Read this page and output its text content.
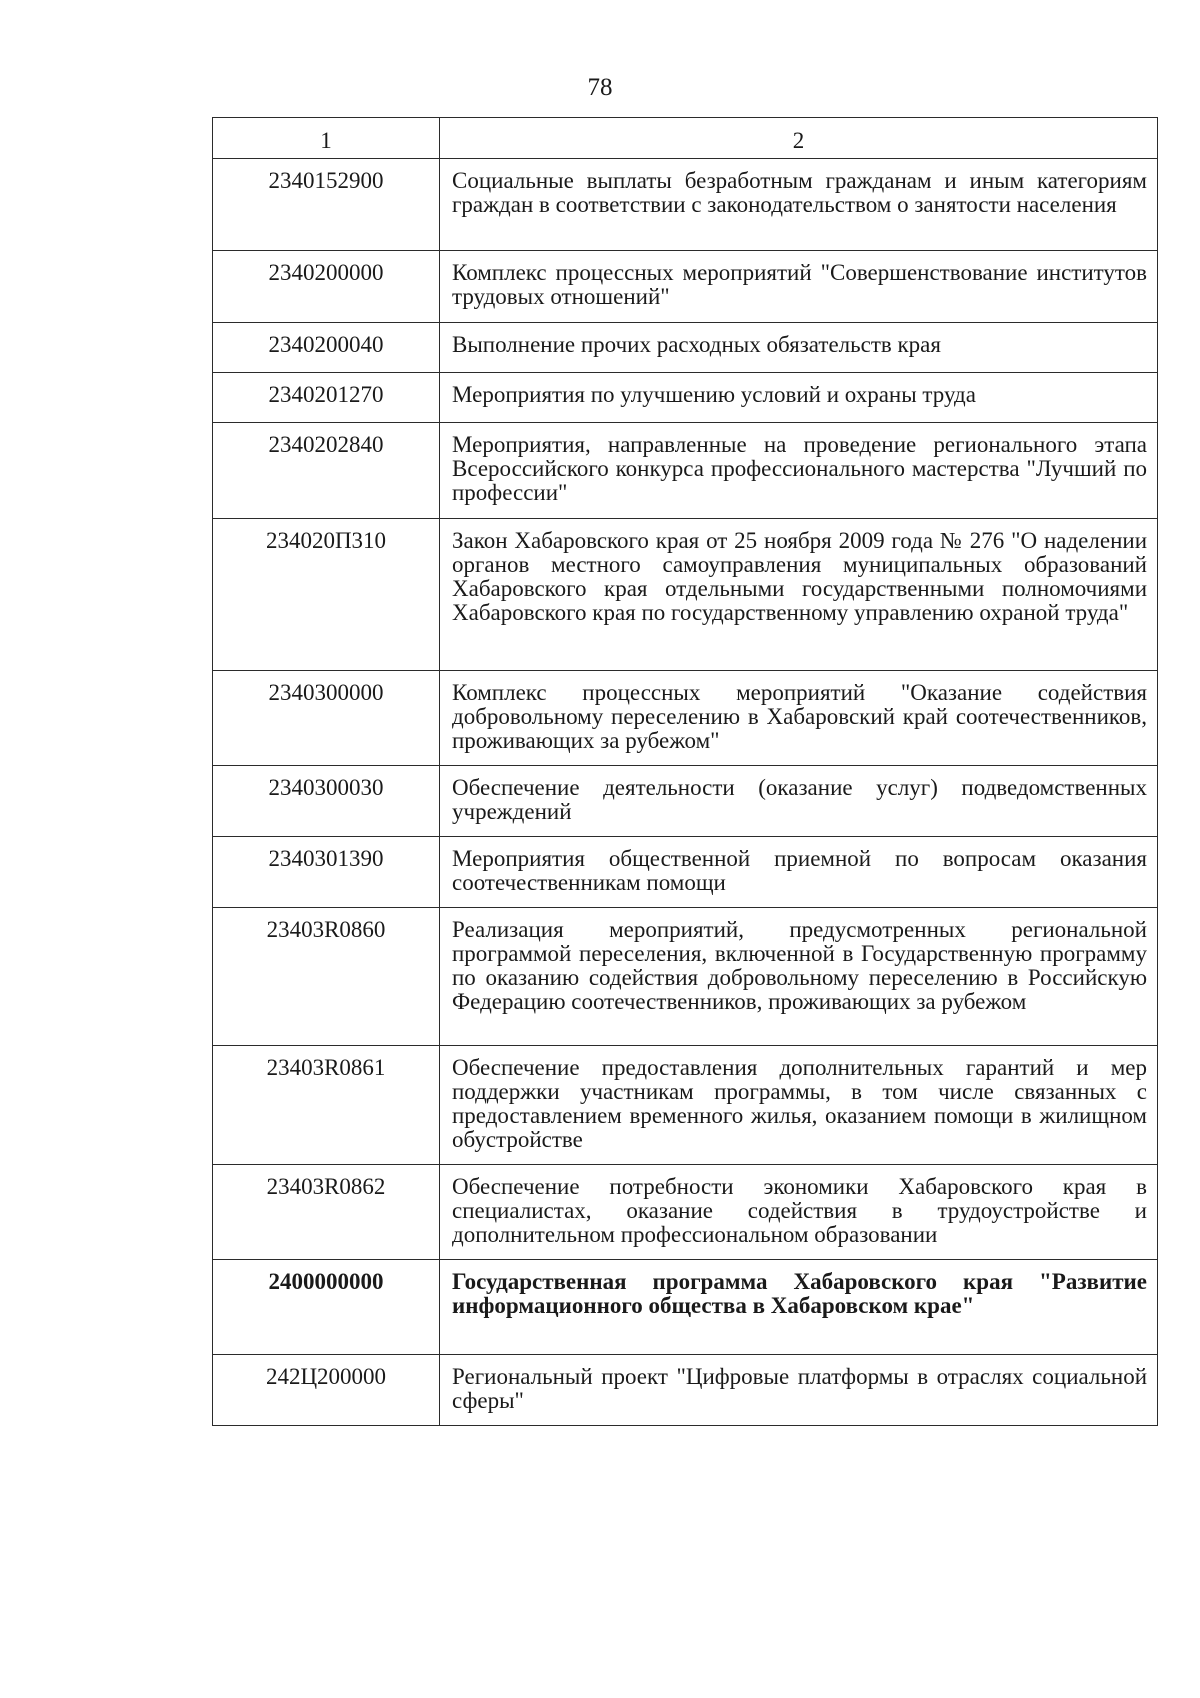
78
1	2
2340152900	Социальные выплаты безработным гражданам и иным категориям граждан в соответствии с законодательством о занятости населения
2340200000	Комплекс процессных мероприятий "Совершенствование институтов трудовых отношений"
2340200040	Выполнение прочих расходных обязательств края
2340201270	Мероприятия по улучшению условий и охраны труда
2340202840	Мероприятия, направленные на проведение регионального этапа Всероссийского конкурса профессионального мастерства "Лучший по профессии"
234020П310	Закон Хабаровского края от 25 ноября 2009 года № 276 "О наделении органов местного самоуправления муниципальных образований Хабаровского края отдельными государственными полномочиями Хабаровского края по государственному управлению охраной труда"
2340300000	Комплекс процессных мероприятий "Оказание содействия добровольному переселению в Хабаровский край соотечественников, проживающих за рубежом"
2340300030	Обеспечение деятельности (оказание услуг) подведомственных учреждений
2340301390	Мероприятия общественной приемной по вопросам оказания соотечественникам помощи
23403R0860	Реализация мероприятий, предусмотренных региональной программой переселения, включенной в Государственную программу по оказанию содействия добровольному переселению в Российскую Федерацию соотечественников, проживающих за рубежом
23403R0861	Обеспечение предоставления дополнительных гарантий и мер поддержки участникам программы, в том числе связанных с предоставлением временного жилья, оказанием помощи в жилищном обустройстве
23403R0862	Обеспечение потребности экономики Хабаровского края в специалистах, оказание содействия в трудоустройстве и дополнительном профессиональном образовании
2400000000	Государственная программа Хабаровского края "Развитие информационного общества в Хабаровском крае"
242Ц200000	Региональный проект "Цифровые платформы в отраслях социальной сферы"
